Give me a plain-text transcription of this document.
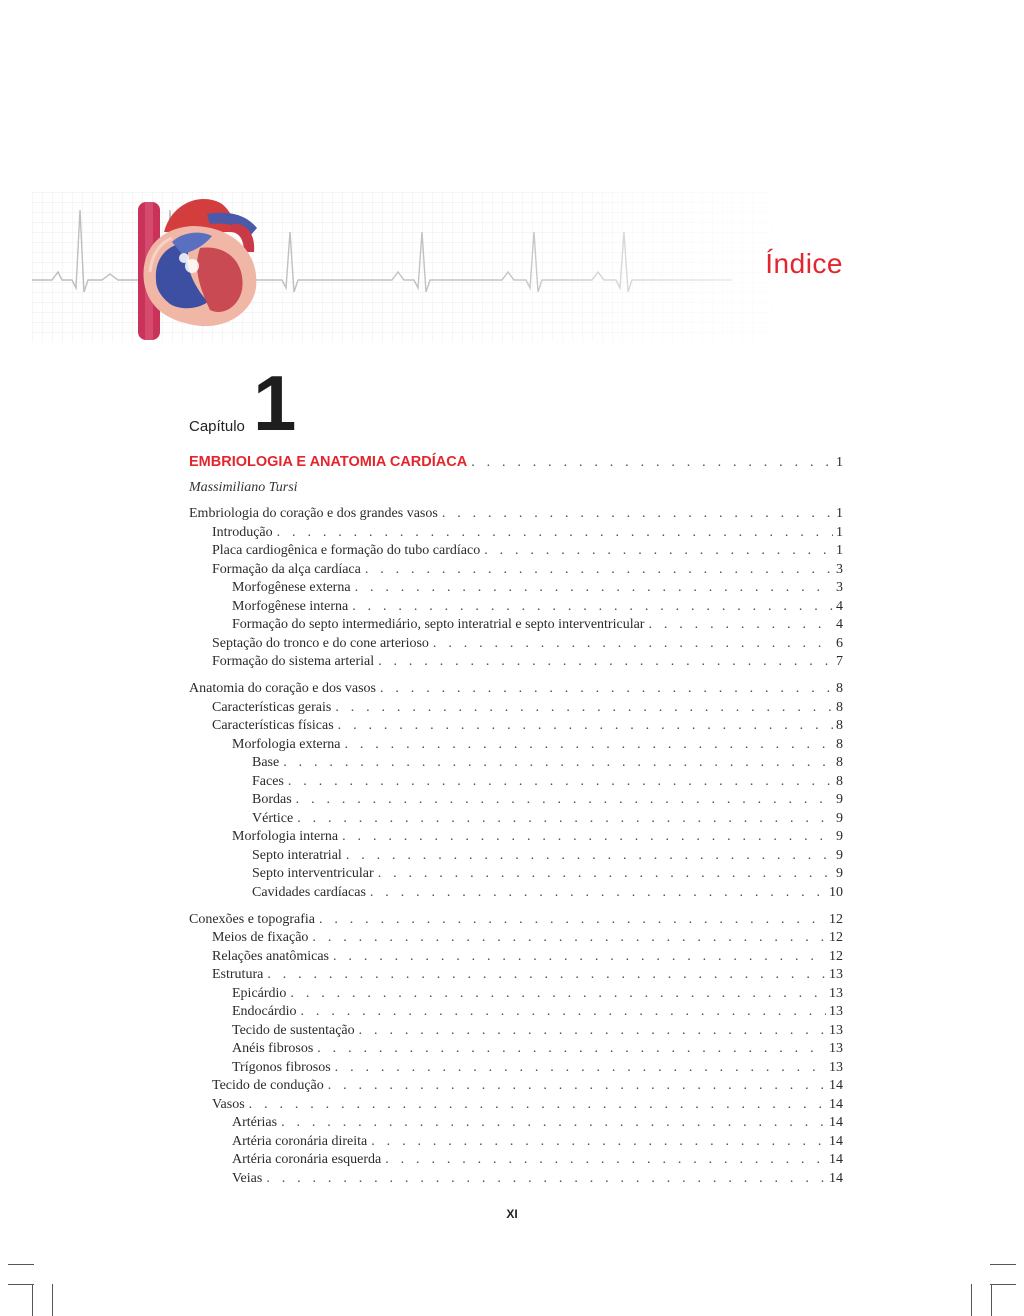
Índice
Capítulo 1
EMBRIOLOGIA E ANATOMIA CARDÍACA . . .	1
Massimiliano Tursi
Embriologia do coração e dos grandes vasos . . .	1
Introdução . . .	1
Placa cardiogênica e formação do tubo cardíaco . . .	1
Formação da alça cardíaca . . .	3
Morfogênese externa . . .	3
Morfogênese interna . . .	4
Formação do septo intermediário, septo interatrial e septo interventricular . . .	4
Septação do tronco e do cone arterioso . . .	6
Formação do sistema arterial . . .	7
Anatomia do coração e dos vasos . . .	8
Características gerais . . .	8
Características físicas . . .	8
Morfologia externa . . .	8
Base . . .	8
Faces . . .	8
Bordas . . .	9
Vértice . . .	9
Morfologia interna . . .	9
Septo interatrial . . .	9
Septo interventricular . . .	9
Cavidades cardíacas . . .	10
Conexões e topografia . . .	12
Meios de fixação . . .	12
Relações anatômicas . . .	12
Estrutura . . .	13
Epicárdio . . .	13
Endocárdio . . .	13
Tecido de sustentação . . .	13
Anéis fibrosos . . .	13
Trígonos fibrosos . . .	13
Tecido de condução . . .	14
Vasos . . .	14
Artérias . . .	14
Artéria coronária direita . . .	14
Artéria coronária esquerda . . .	14
Veias . . .	14
XI
